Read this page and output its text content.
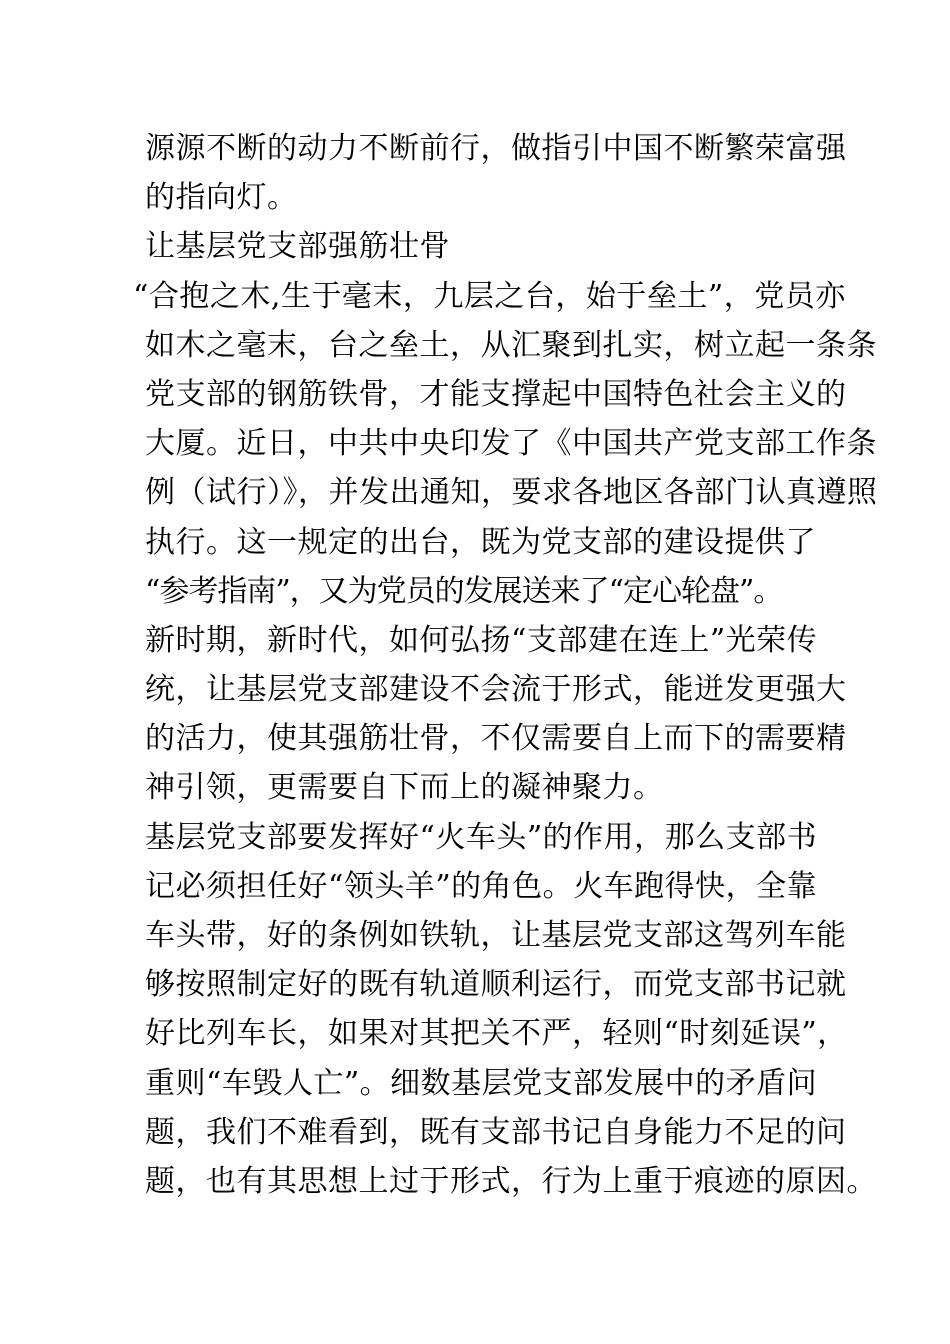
源源不断的动力不断前行，做指引中国不断繁荣富强
的指向灯。
让基层党支部强筋壮骨
“合抱之木,生于毫末，九层之台，始于垒土”，党员亦
如木之毫末，台之垒土，从汇聚到扎实，树立起一条条
党支部的钢筋铁骨，才能支撑起中国特色社会主义的
大厦。近日，中共中央印发了《中国共产党支部工作条
例（试行）》，并发出通知，要求各地区各部门认真遵照
执行。这一规定的出台，既为党支部的建设提供了
“参考指南”，又为党员的发展送来了“定心轮盘”。
新时期，新时代，如何弘扬“支部建在连上”光荣传
统，让基层党支部建设不会流于形式，能迸发更强大
的活力，使其强筋壮骨，不仅需要自上而下的需要精
神引领，更需要自下而上的凝神聚力。
基层党支部要发挥好“火车头”的作用，那么支部书
记必须担任好“领头羊”的角色。火车跑得快，全靠
车头带，好的条例如铁轨，让基层党支部这驾列车能
够按照制定好的既有轨道顺利运行，而党支部书记就
好比列车长，如果对其把关不严，轻则“时刻延误”，
重则“车毁人亡”。细数基层党支部发展中的矛盾问
题，我们不难看到，既有支部书记自身能力不足的问
题，也有其思想上过于形式，行为上重于痕迹的原因。
